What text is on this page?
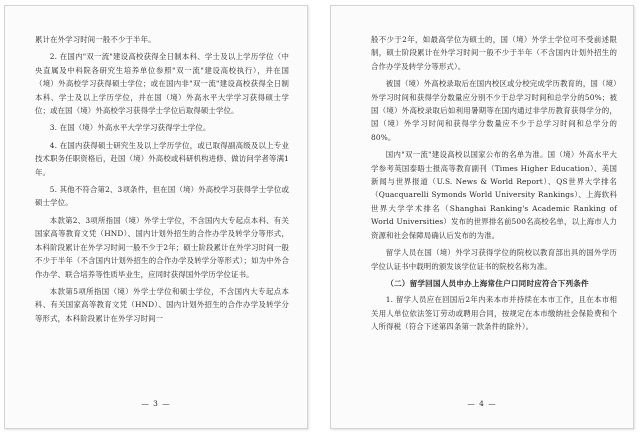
累计在外学习时间一般不少于半年。

2. 在国内"双一流"建设高校获得全日制本科、学士及以上学历学位（中央直属及中科院各研究生培养单位参照"双一流"建设高校执行），并在国（境）外高校学习获得硕士学位；或在国内非"双一流"建设高校获得全日制本科、学士及以上学历学位，并在国（境）外高水平大学学习获得硕士学位；或在国（境）外高校学习获得学士学位后取得硕士学位。

3. 在国（境）外高水平大学学习获得学士学位。

4. 在国内获得硕士研究生及以上学历学位，或已取得副高级及以上专业技术职务任职资格后，赴国（境）外高校或科研机构进修、做访问学者等满1年。

5. 其他不符合第2、3项条件，但在国（境）外高校学习获得学士学位或硕士学位。

本款第2、3项所指国（境）外学士学位，不含国内大专起点本科、有关国家高等教育文凭（HND）、国内计划外招生的合作办学及转学分等形式，本科阶段累计在外学习时间一般不少于2年；硕士阶段累计在外学习时间一般不少于半年（不含国内计划外招生的合作办学及转学分等形式）；如为中外合作办学、联合培养等性质毕业生，应同时获得国外学历学位证书。

本款第5项所指国（境）外学士学位和硕士学位，不含国内大专起点本科、有关国家高等教育文凭（HND）、国内计划外招生的合作办学及转学分等形式，本科阶段累计在外学习时间一

— 3 —

般不少于2年，如最高学位为硕士的，国（境）外学士学位可不受前述限制，硕士阶段累计在外学习时间一般不少于半年（不含国内计划外招生的合作办学及转学分等形式）。

被国（境）外高校录取后在国内校区或分校完成学历教育的，国（境）外学习时间和获得学分数量应分别不少于总学习时间和总学分的50%；被国（境）外高校录取后如利用暑期等在国内通过非学历教育获得学分的，国（境）外学习时间和获得学分数量应不少于总学习时间和总学分的80%。

国内"双一流"建设高校以国家公布的名单为准。国（境）外高水平大学参考英国泰晤士报高等教育副刊（Times Higher Education）、美国新闻与世界报道（U.S. News & World Report）、QS世界大学排名（Quacquarelli Symonds World University Rankings）、上海软科世界大学学术排名（Shanghai Ranking's Academic Ranking of World Universities）发布的世界排名前500名高校名单，以上海市人力资源和社会保障局确认后发布的为准。

留学人员在国（境）外学习获得学位的院校以教育部出具的国外学历学位认证书中载明的颁发该学位证书的院校名称为准。

（二）留学回国人员申办上海常住户口同时应符合下列条件

1. 留学人员应在回国后2年内来本市并持续在本市工作，且在本市相关用人单位依法签订劳动或聘用合同，按规定在本市缴纳社会保险费和个人所得税（符合下述第四条第一款条件的除外）。

— 4 —
